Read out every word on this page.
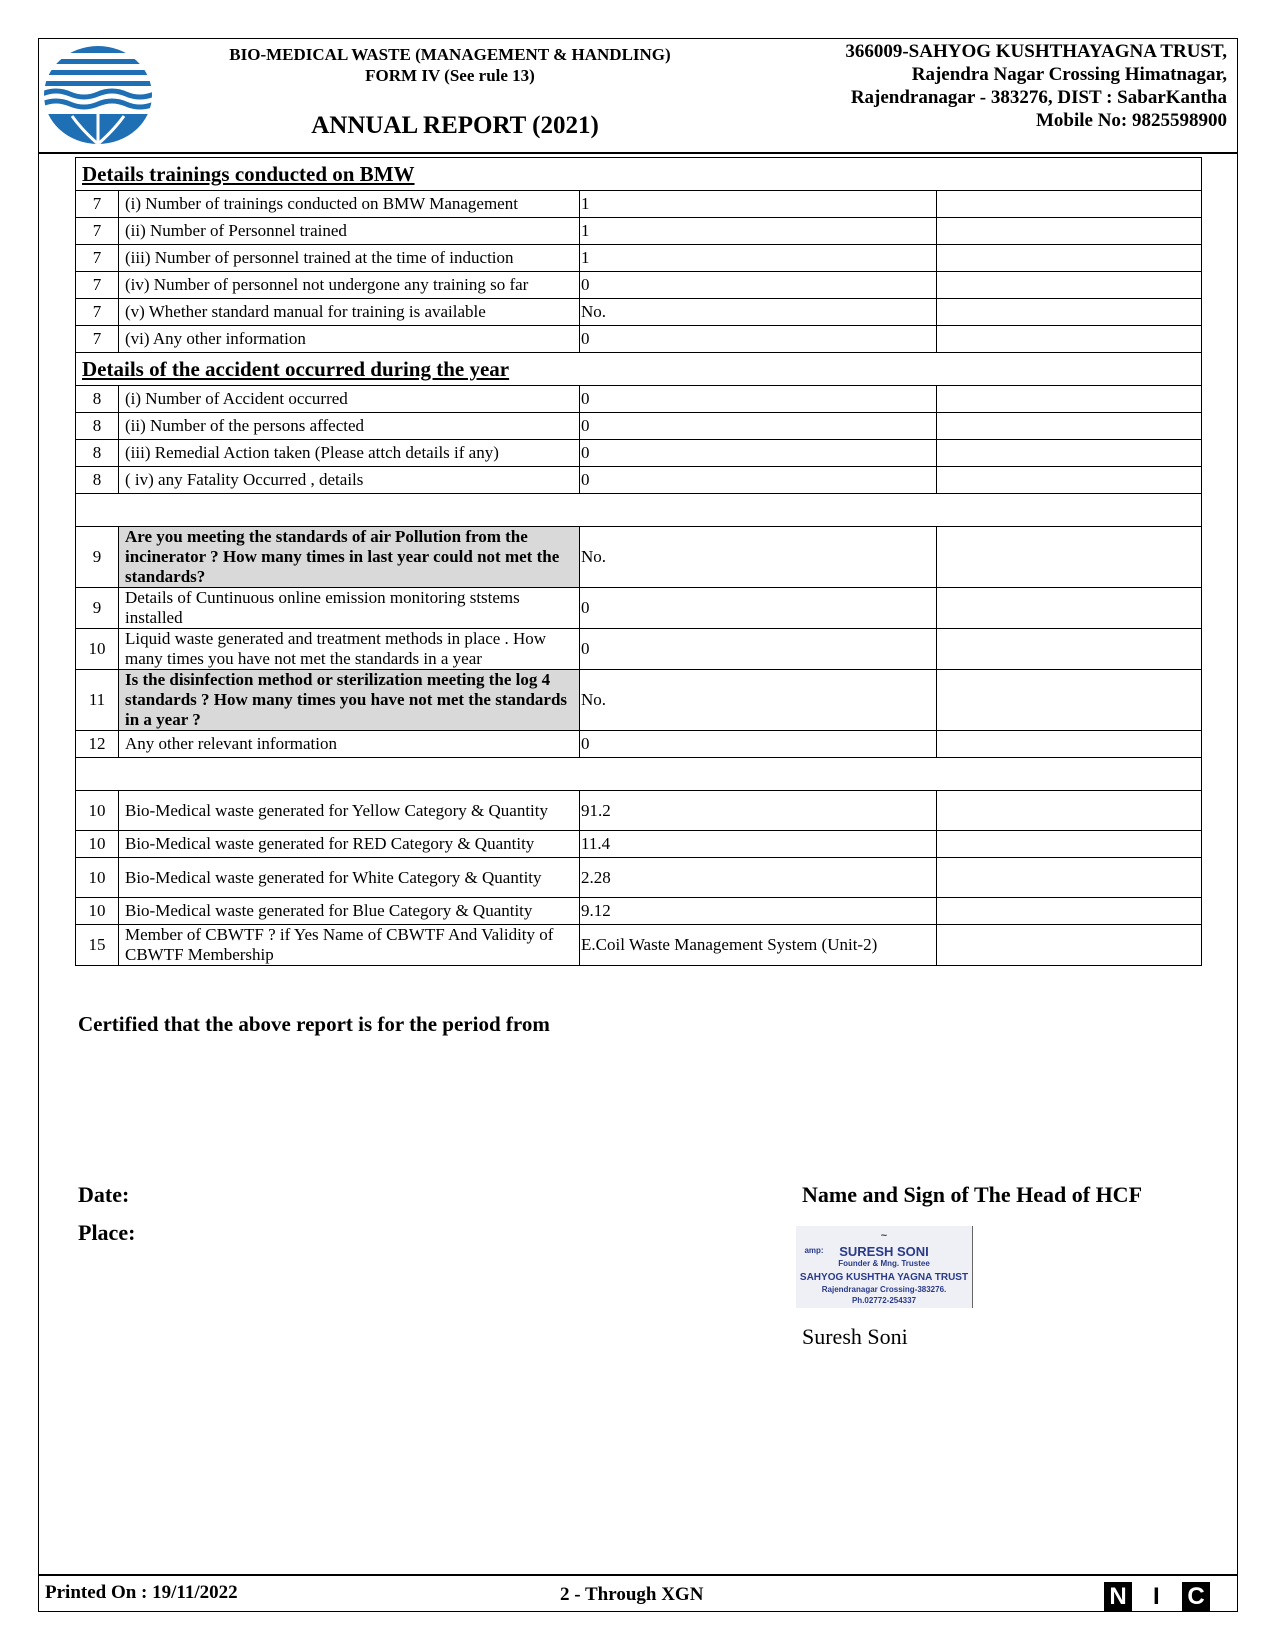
BIO-MEDICAL WASTE (MANAGEMENT & HANDLING)
FORM IV (See rule 13)
ANNUAL REPORT (2021)
366009-SAHYOG KUSHTHAYAGNA TRUST,
Rajendra Nagar Crossing Himatnagar,
Rajendranagar - 383276, DIST : SabarKantha
Mobile No: 9825598900
Details trainings conducted on BMW			
7	(i) Number of trainings conducted on BMW Management	1	
7	(ii) Number of Personnel trained	1	
7	(iii) Number of personnel trained at the time of induction	1	
7	(iv) Number of personnel not undergone any training so far	0	
7	(v) Whether standard manual for training is available	No.	
7	(vi) Any other information	0	
Details of the accident occurred during the year			
8	(i) Number of Accident occurred	0	
8	(ii) Number of the persons affected	0	
8	(iii) Remedial Action taken (Please attch details if any)	0	
8	( iv) any Fatality Occurred , details	0	

9	Are you meeting the standards of air Pollution from the incinerator ? How many times in last year could not met the standards?	No.	
9	Details of Cuntinuous online emission monitoring ststems installed	0	
10	Liquid waste generated and treatment methods in place . How many times you have not met the standards in a year	0	
11	Is the disinfection method or sterilization meeting the log 4 standards ? How many times you have not met the standards in a year ?	No.	
12	Any other relevant information	0	

10	Bio-Medical waste generated for Yellow Category & Quantity	91.2	
10	Bio-Medical waste generated for RED Category & Quantity	11.4	
10	Bio-Medical waste generated for White Category & Quantity	2.28	
10	Bio-Medical waste generated for Blue Category & Quantity	9.12	
15	Member of CBWTF ? if Yes Name of CBWTF And Validity of CBWTF Membership	E.Coil Waste Management System (Unit-2)	
Certified that the above report is for the period from
Date:
Place:
Name and Sign of The Head of HCF
~
amp:	SURESH SONI
Founder & Mng. Trustee
SAHYOG KUSHTHA YAGNA TRUST
Rajendranagar Crossing-383276.
Ph.02772-254337
Suresh Soni
Printed On : 19/11/2022	2 - Through XGN	N I C
